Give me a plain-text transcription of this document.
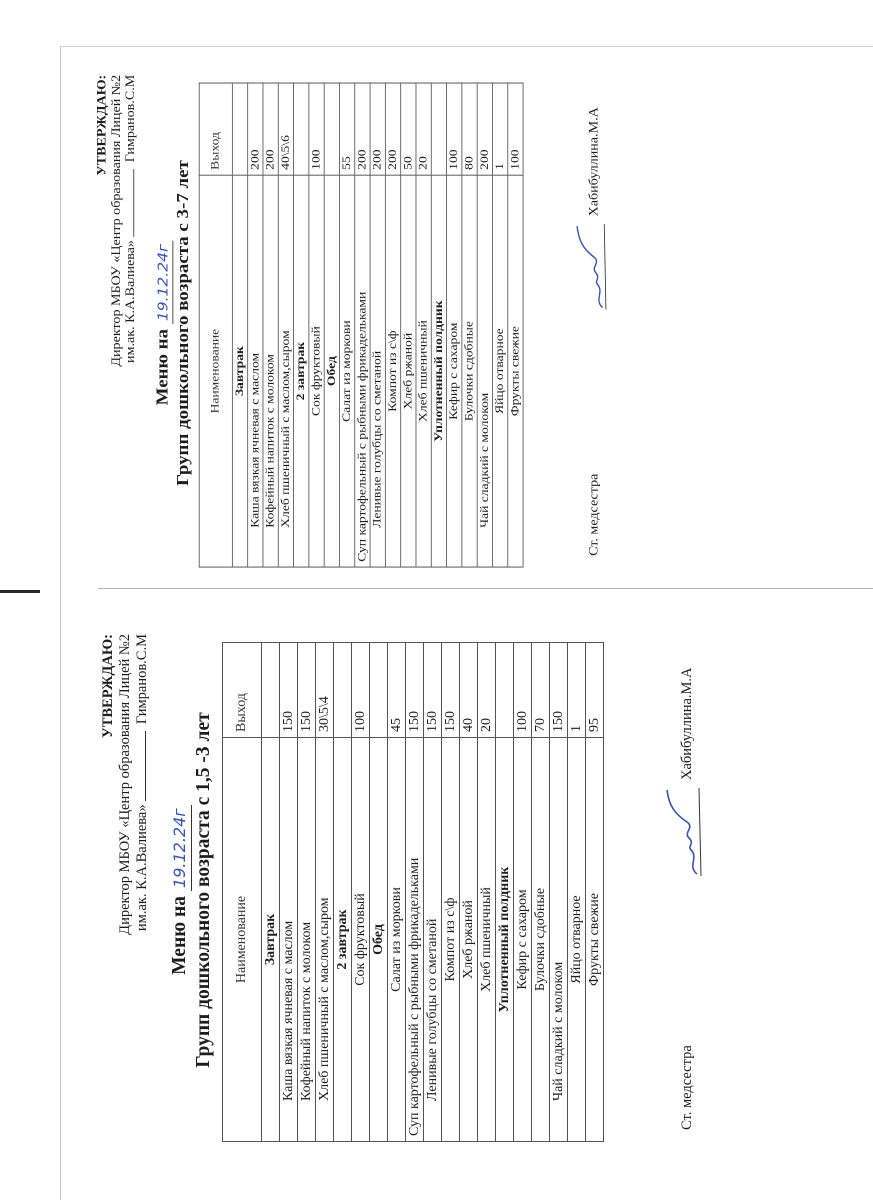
УТВЕРЖДАЮ: Директор МБОУ «Центр образования Лицей №2 им.ак. К.А.Валиева»  Гимранов.С.М
Меню на 19.12.24г Групп дошкольного возраста с 1,5 -3 лет Наименование	Выход
Завтрак	
Каша вязкая ячневая с маслом	150
Кофейный напиток с молоком	150
Хлеб пшеничный с маслом,сыром	30\5\4
2 завтрак	
Сок фруктовый	100
Обед	
Салат из моркови	45
Суп картофельный с рыбными фрикадельками	150
Ленивые голубцы со сметаной	150
Компот из с\ф	150
Хлеб ржаной	40
Хлеб пшеничный	20
Уплотненный полдник	
Кефир с сахаром	100
Булочки сдобные	70
Чай сладкий с молоком	150
Яйцо отварное	1
Фрукты свежие	95
Ст. медсестра
Хабибуллина.М.А
УТВЕРЖДАЮ: Директор МБОУ «Центр образования Лицей №2 им.ак. К.А.Валиева»  Гимранов.С.М
Меню на 19.12.24г Групп дошкольного возраста с 3-7 лет Наименование	Выход
Завтрак	
Каша вязкая ячневая с маслом	200
Кофейный напиток с молоком	200
Хлеб пшеничный с маслом,сыром	40\5\6
2 завтрак	
Сок фруктовый	100
Обед	
Салат из моркови	55
Суп картофельный с рыбными фрикадельками	200
Ленивые голубцы со сметаной	200
Компот из с\ф	200
Хлеб ржаной	50
Хлеб пшеничный	20
Уплотненный полдник	
Кефир с сахаром	100
Булочки сдобные	80
Чай сладкий с молоком	200
Яйцо отварное	1
Фрукты свежие	100
Ст. медсестра
Хабибуллина.М.А
